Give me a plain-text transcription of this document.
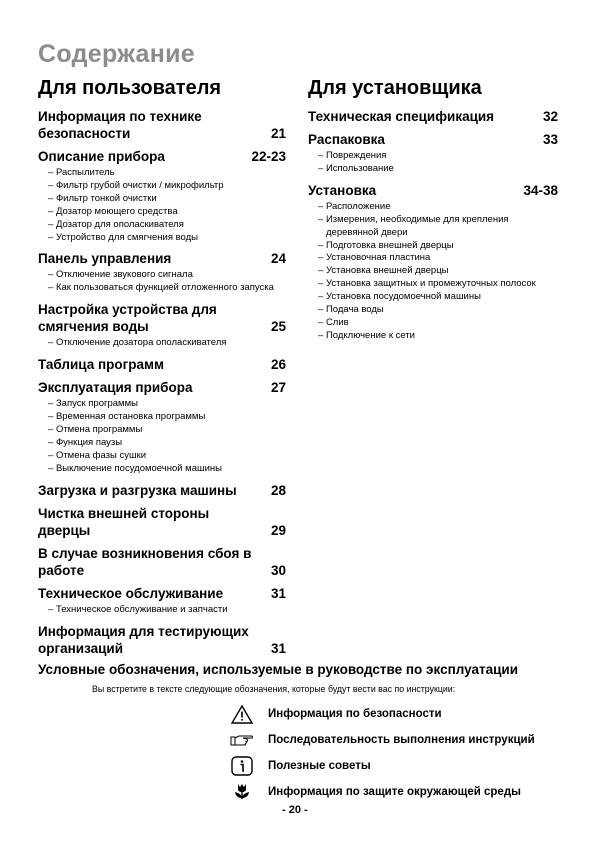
Содержание
Для пользователя
Информация по технике безопасности	21
Описание прибора	22-23
– Распылитель
– Фильтр грубой очистки / микрофильтр
– Фильтр тонкой очистки
– Дозатор моющего средства
– Дозатор для ополаскивателя
– Устройство для смягчения воды
Панель управления	24
– Отключение звукового сигнала
– Как пользоваться функцией отложенного запуска
Настройка устройства для смягчения воды	25
– Отключение дозатора ополаскивателя
Таблица программ	26
Эксплуатация прибора	27
– Запуск программы
– Временная остановка программы
– Отмена программы
– Функция паузы
– Отмена фазы сушки
– Выключение посудомоечной машины
Загрузка и разгрузка машины	28
Чистка внешней стороны дверцы	29
В случае возникновения сбоя в работе	30
Техническое обслуживание	31
– Техническое обслуживание и запчасти
Информация для тестирующих организаций	31
Для установщика
Техническая спецификация	32
Распаковка	33
– Повреждения
– Использование
Установка	34-38
– Расположение
– Измерения, необходимые для крепления деревянной двери
– Подготовка внешней дверцы
– Установочная пластина
– Установка внешней дверцы
– Установка защитных и промежуточных полосок
– Установка посудомоечной машины
– Подача воды
– Слив
– Подключение к сети
Условные обозначения, используемые в руководстве по эксплуатации
Вы встретите в тексте следующие обозначения, которые будут вести вас по инструкции:
Информация по безопасности
Последовательность выполнения инструкций
Полезные советы
Информация по защите окружающей среды
- 20 -
